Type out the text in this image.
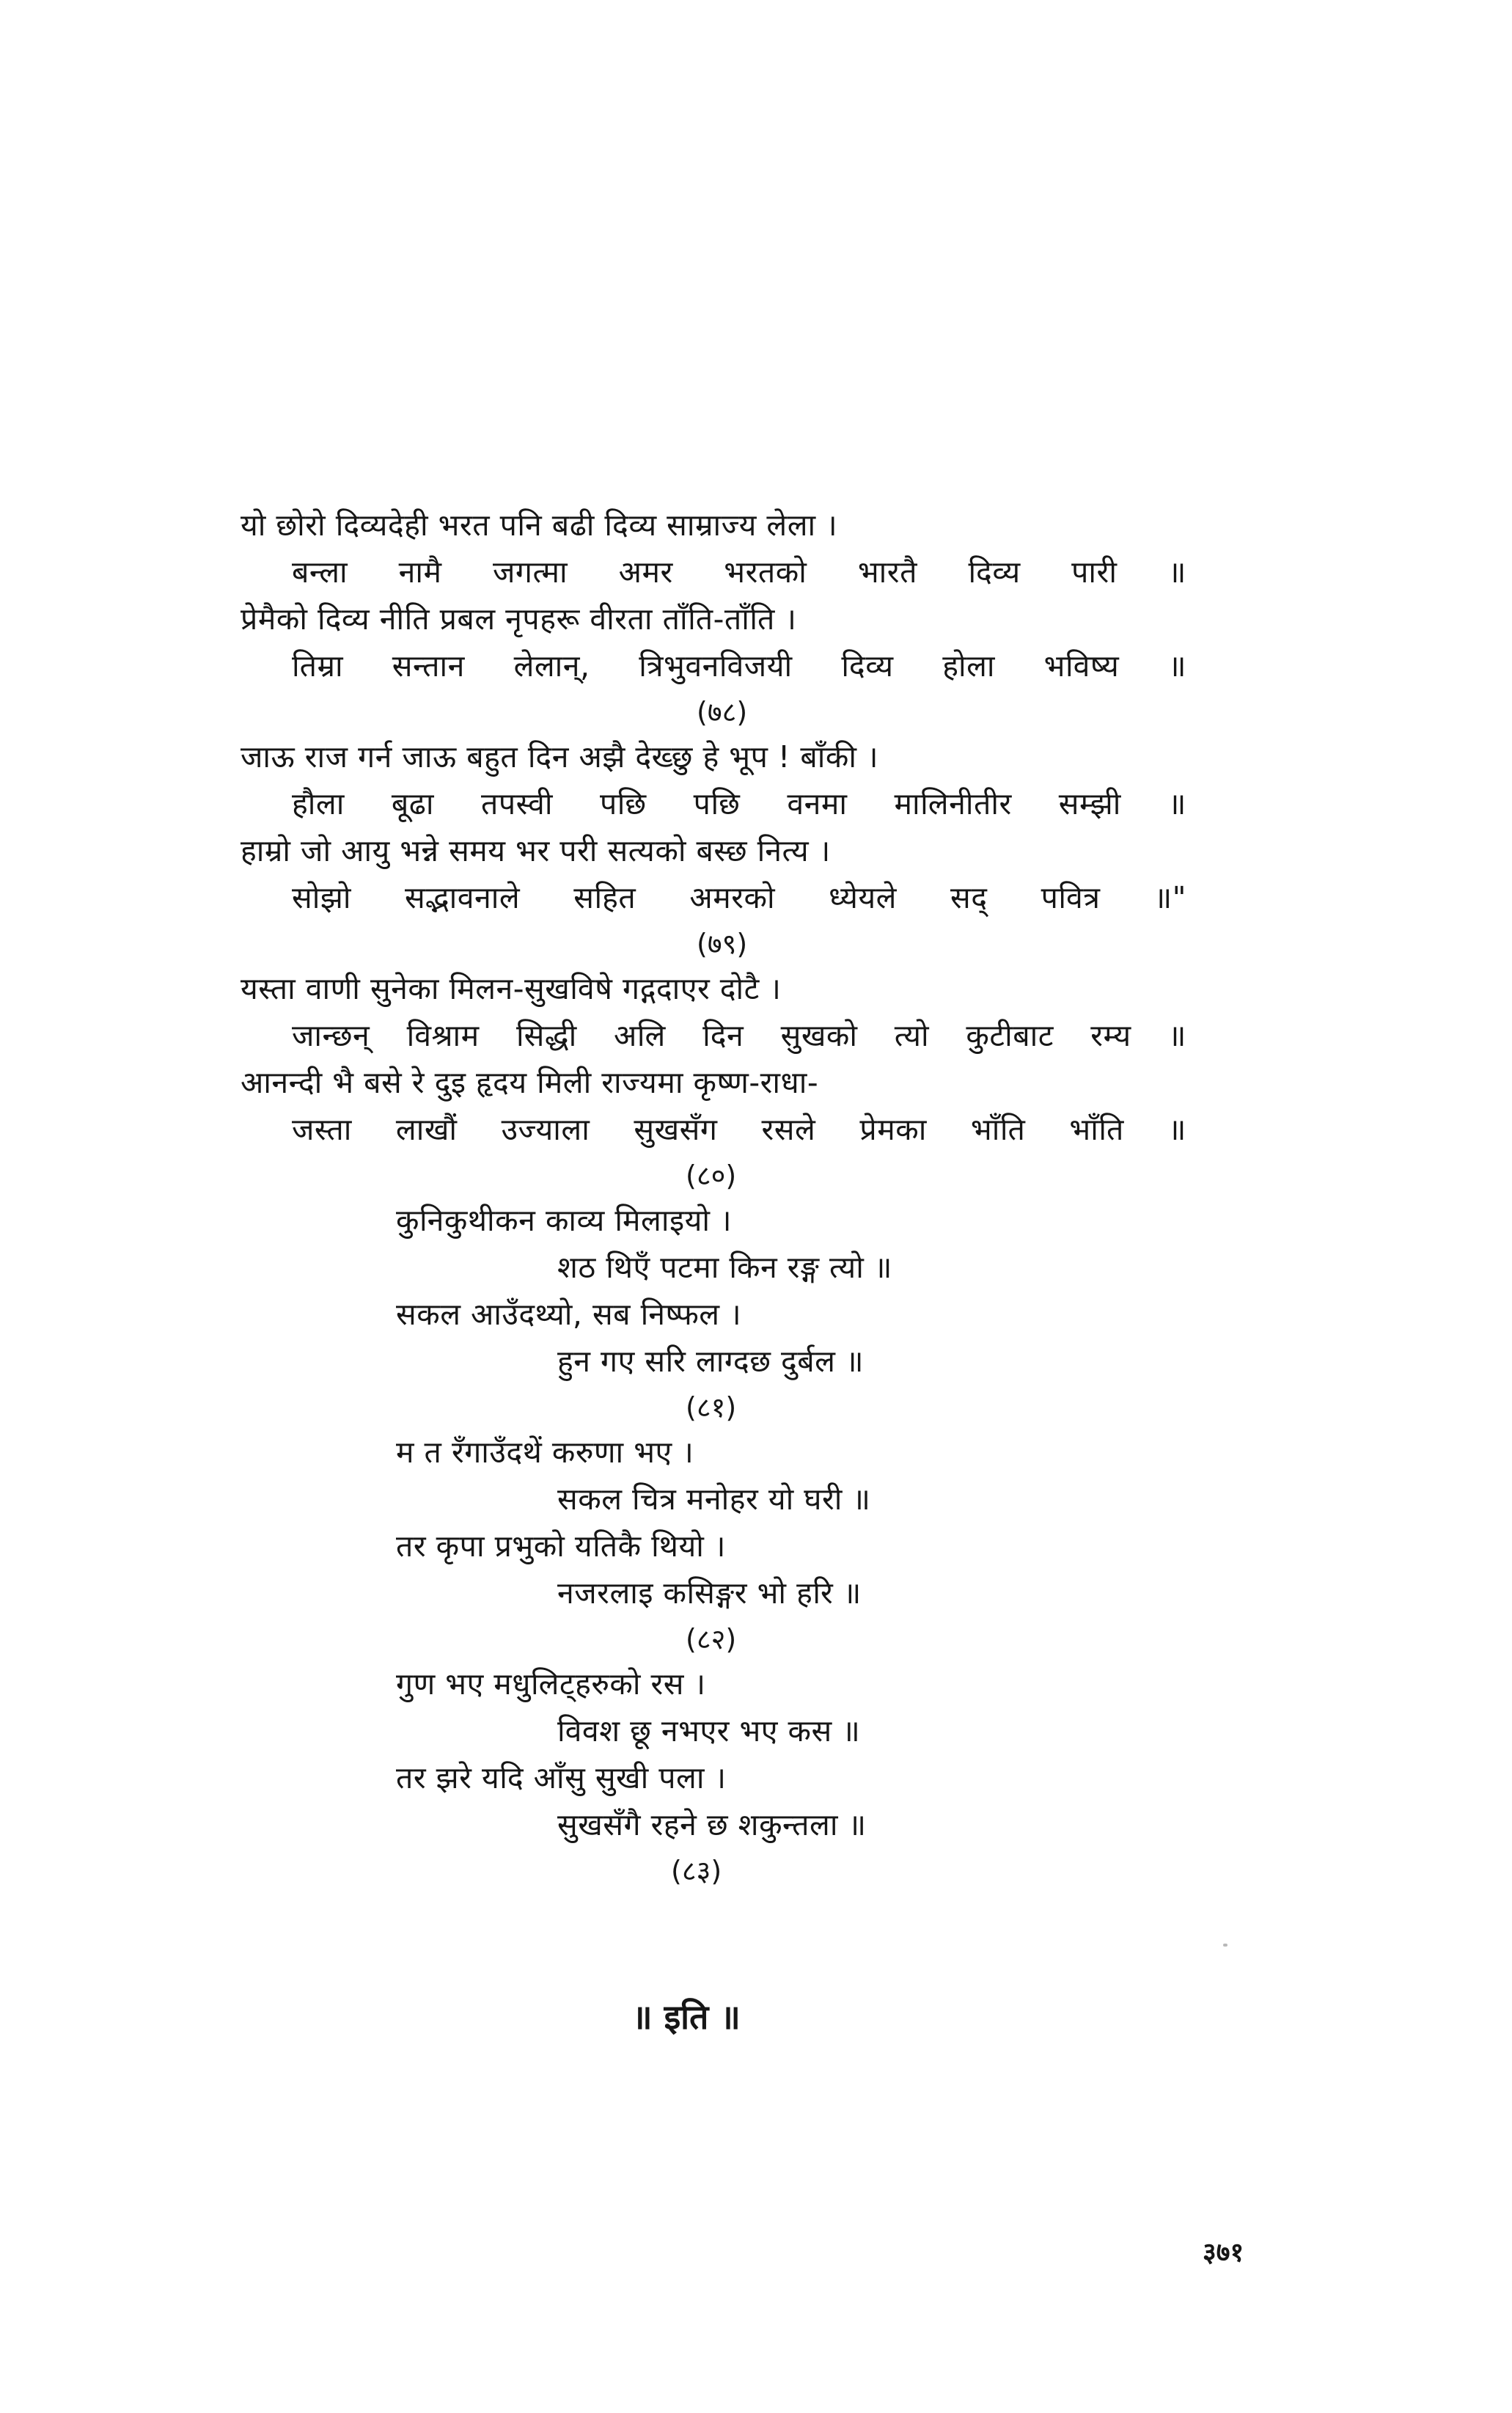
यो छोरो दिव्यदेही भरत पनि बढी दिव्य साम्राज्य लेला ।
बन्ला नामै जगत्मा अमर भरतको भारतै दिव्य पारी ॥
प्रेमैको दिव्य नीति प्रबल नृपहरू वीरता ताँति-ताँति ।
तिम्रा सन्तान लेलान्, त्रिभुवनविजयी दिव्य होला भविष्य ॥
(७८)
जाऊ राज गर्न जाऊ बहुत दिन अझै देख्छु हे भूप ! बाँकी ।
हौला बूढा तपस्वी पछि पछि वनमा मालिनीतीर सम्झी ॥
हाम्रो जो आयु भन्ने समय भर परी सत्यको बस्छ नित्य ।
सोझो सद्भावनाले सहित अमरको ध्येयले सद् पवित्र ॥"
(७९)
यस्ता वाणी सुनेका मिलन-सुखविषे गद्गदाएर दोटै ।
जान्छन् विश्राम सिद्धी अलि दिन सुखको त्यो कुटीबाट रम्य ॥
आनन्दी भै बसे रे दुइ हृदय मिली राज्यमा कृष्ण-राधा-
जस्ता लाखौं उज्याला सुखसँग रसले प्रेमका भाँति भाँति ॥
(८०)
कुनिकुथीकन काव्य मिलाइयो ।
शठ थिएँ पटमा किन रङ्ग त्यो ॥
सकल आउँदथ्यो, सब निष्फल ।
हुन गए सरि लाग्दछ दुर्बल ॥
(८१)
म त रँगाउँदथें करुणा भए ।
सकल चित्र मनोहर यो घरी ॥
तर कृपा प्रभुको यतिकै थियो ।
नजरलाइ कसिङ्गर भो हरि ॥
(८२)
गुण भए मधुलिट्हरुको रस ।
विवश छू नभएर भए कस ॥
तर झरे यदि आँसु सुखी पला ।
सुखसँगै रहने छ शकुन्तला ॥
(८३)
॥ इति ॥
३७१
